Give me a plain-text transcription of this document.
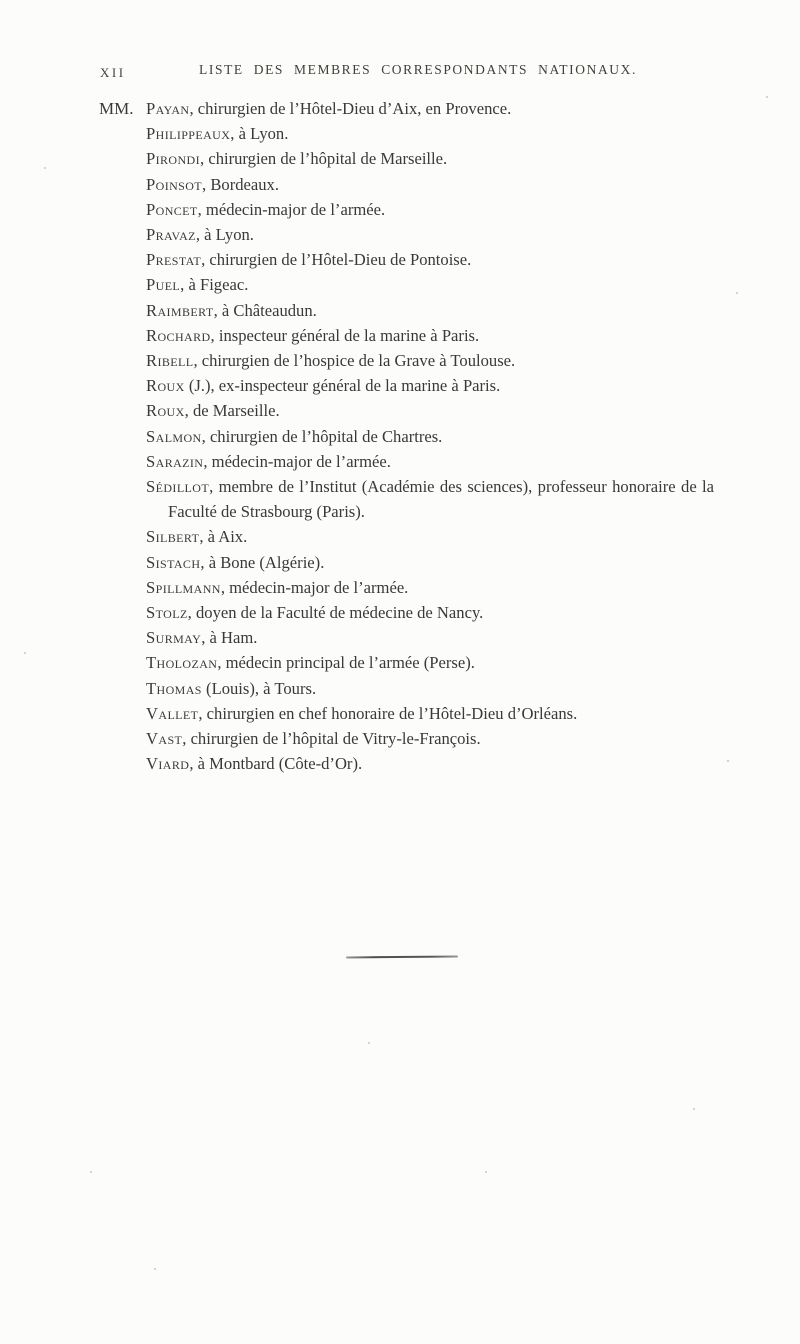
XII	LISTE DES MEMBRES CORRESPONDANTS NATIONAUX.
MM. Payan, chirurgien de l’Hôtel-Dieu d’Aix, en Provence.
Philippeaux, à Lyon.
Pirondi, chirurgien de l’hôpital de Marseille.
Poinsot, Bordeaux.
Poncet, médecin-major de l’armée.
Pravaz, à Lyon.
Prestat, chirurgien de l’Hôtel-Dieu de Pontoise.
Puel, à Figeac.
Raimbert, à Châteaudun.
Rochard, inspecteur général de la marine à Paris.
Ribell, chirurgien de l’hospice de la Grave à Toulouse.
Roux (J.), ex-inspecteur général de la marine à Paris.
Roux, de Marseille.
Salmon, chirurgien de l’hôpital de Chartres.
Sarazin, médecin-major de l’armée.
Sédillot, membre de l’Institut (Académie des sciences), professeur honoraire de la Faculté de Strasbourg (Paris).
Silbert, à Aix.
Sistach, à Bone (Algérie).
Spillmann, médecin-major de l’armée.
Stolz, doyen de la Faculté de médecine de Nancy.
Surmay, à Ham.
Tholozan, médecin principal de l’armée (Perse).
Thomas (Louis), à Tours.
Vallet, chirurgien en chef honoraire de l’Hôtel-Dieu d’Orléans.
Vast, chirurgien de l’hôpital de Vitry-le-François.
Viard, à Montbard (Côte-d’Or).
